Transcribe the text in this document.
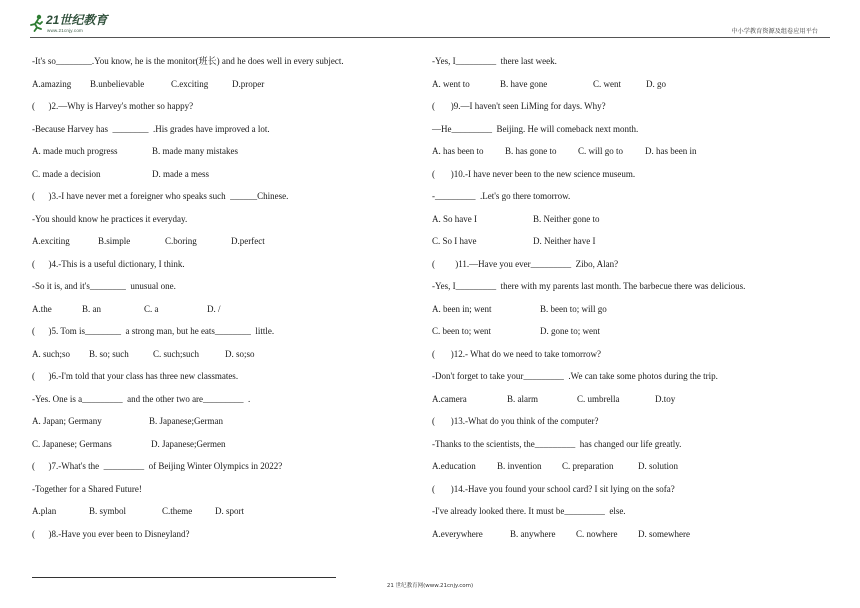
21世纪教育
www.21cnjy.com	中小学教育资源及组卷应用平台
-It's so________.You know, he is the monitor(班长) and he does well in every subject.
A.amazing B.unbelievable	C.exciting	D.proper
(      )2.—Why is Harvey's mother so happy?
-Because Harvey has  ________  .His grades have improved a lot.
A. made much progress	B. made many mistakes
C. made a decision	D. made a mess
(      )3.-I have never met a foreigner who speaks such  ______Chinese.
-You should know he practices it everyday.
A.exciting	B.simple	C.boring	D.perfect
(      )4.-This is a useful dictionary, I think.
-So it is, and it's________  unusual one.
A.the	B. an	C. a	D. /
(      )5. Tom is________  a strong man, but he eats________  little.
A. such;so B. so; such	C. such;such	D. so;so
(      )6.-I'm told that your class has three new classmates.
-Yes. One is a_________  and the other two are_________  .
A. Japan; Germany	B. Japanese;German
C. Japanese; Germans	D. Japanese;Germen
(      )7.-What's the  _________  of Beijing Winter Olympics in 2022?
-Together for a Shared Future!
A.plan	B. symbol	C.theme	D. sport
(      )8.-Have you ever been to Disneyland?
-Yes, I_________  there last week.
A. went to	B. have gone	C. went	D. go
(       )9.—I haven't seen LiMing for days. Why?
—He_________  Beijing. He will comeback next month.
A. has been to B. has gone to C. will go to D. has been in
(       )10.-I have never been to the new science museum.
-_________  .Let's go there tomorrow.
A. So have I	B. Neither gone to
C. So I have	D. Neither have I
(         )11.—Have you ever_________  Zibo, Alan?
-Yes, I_________  there with my parents last month. The barbecue there was delicious.
A. been in; went	B. been to; will go
C. been to; went	D. gone to; went
(       )12.- What do we need to take tomorrow?
-Don't forget to take your_________  .We can take some photos during the trip.
A.camera	B. alarm	C. umbrella	D.toy
(       )13.-What do you think of the computer?
-Thanks to the scientists, the_________  has changed our life greatly.
A.education B. invention C. preparation	D. solution
(       )14.-Have you found your school card? I sit lying on the sofa?
-I've already looked there. It must be_________  else.
A.everywhere	B. anywhere C. nowhere D. somewhere
21 世纪教育网(www.21cnjy.com)
